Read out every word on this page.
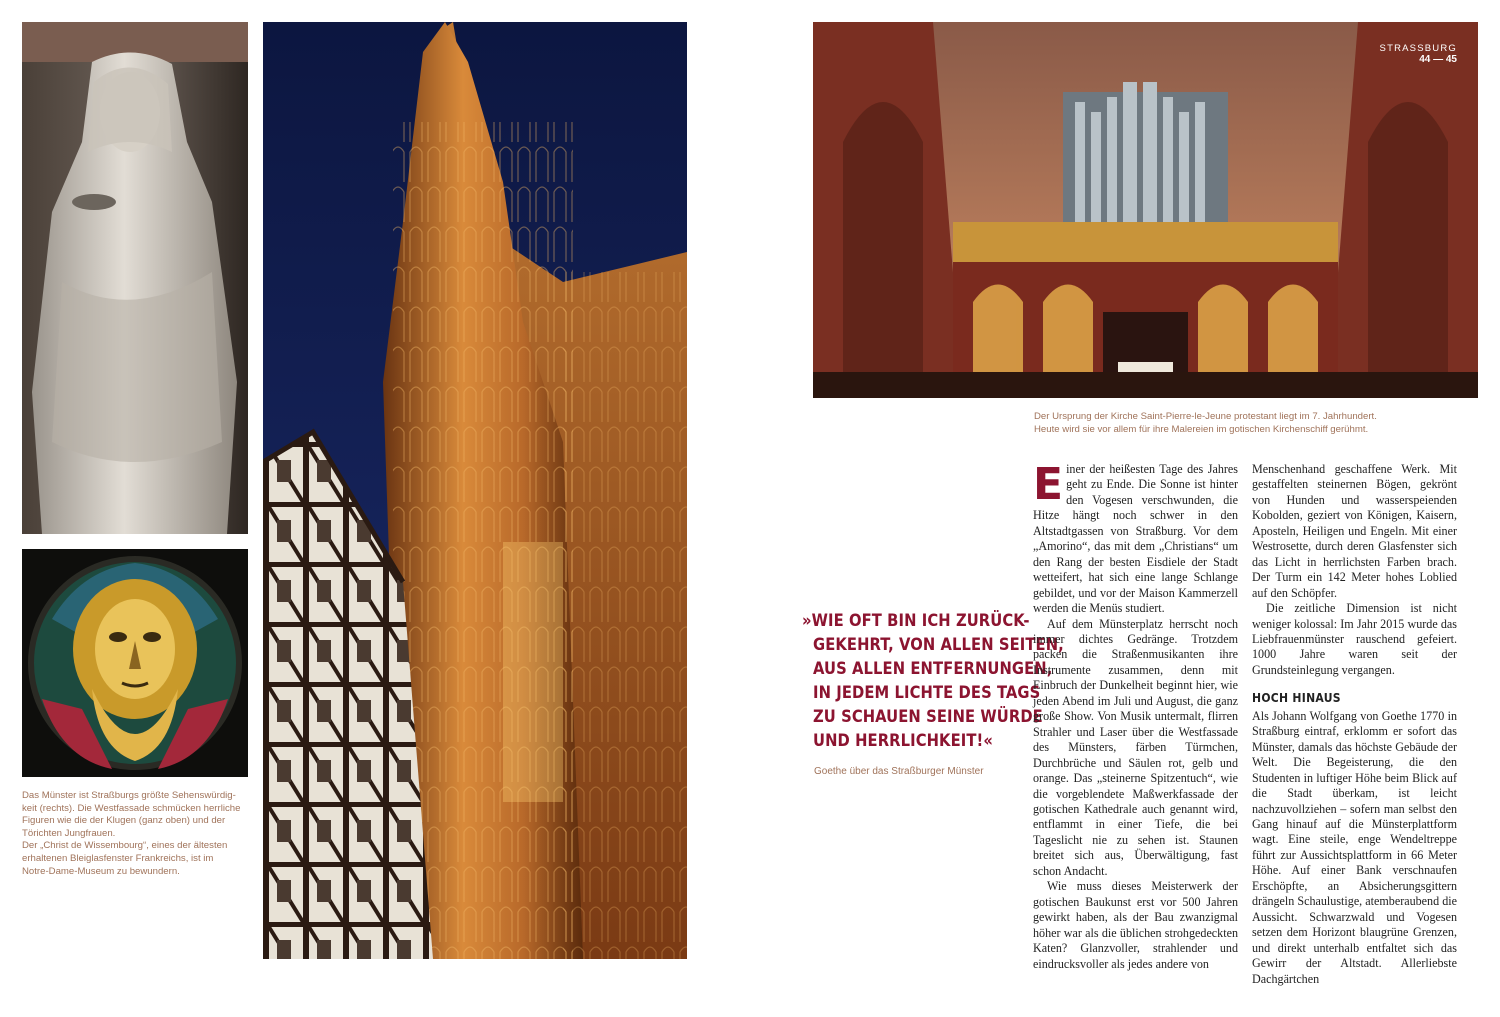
Das Münster ist Straßburgs größte Sehenswürdig-
keit (rechts). Die Westfassade schmücken herrliche
Figuren wie die der Klugen (ganz oben) und der
Törichten Jungfrauen.
Der „Christ de Wissembourg“, eines der ältesten
erhaltenen Bleiglasfenster Frankreichs, ist im
Notre-Dame-Museum zu bewundern.
STRASSBURG
44 — 45
Der Ursprung der Kirche Saint-Pierre-le-Jeune protestant liegt im 7. Jahrhundert.
Heute wird sie vor allem für ihre Malereien im gotischen Kirchenschiff gerühmt.
»WIE OFT BIN ICH ZURÜCK-
GEKEHRT, VON ALLEN SEITEN,
AUS ALLEN ENTFERNUNGEN,
IN JEDEM LICHTE DES TAGS
ZU SCHAUEN SEINE WÜRDE
UND HERRLICHKEIT!«
Goethe über das Straßburger Münster

Einer der heißesten Tage des Jahres geht zu Ende. Die Sonne ist hinter den Vogesen verschwunden, die Hitze hängt noch schwer in den Altstadtgassen von Straßburg. Vor dem „Amorino“, das mit dem „Christians“ um den Rang der besten Eisdiele der Stadt wetteifert, hat sich eine lange Schlange gebildet, und vor der Maison Kammerzell werden die Menüs studiert.

Auf dem Münsterplatz herrscht noch immer dichtes Gedränge. Trotzdem packen die Straßenmusikanten ihre Instrumente zusammen, denn mit Einbruch der Dunkelheit beginnt hier, wie jeden Abend im Juli und August, die ganz große Show. Von Musik untermalt, flirren Strahler und Laser über die Westfassade des Münsters, färben Türmchen, Durchbrüche und Säulen rot, gelb und orange. Das „steinerne Spitzentuch“, wie die vorgeblendete Maßwerkfassade der gotischen Kathedrale auch genannt wird, entflammt in einer Tiefe, die bei Tageslicht nie zu sehen ist. Staunen breitet sich aus, Überwältigung, fast schon Andacht.

Wie muss dieses Meisterwerk der gotischen Baukunst erst vor 500 Jahren gewirkt haben, als der Bau zwanzigmal höher war als die üblichen strohgedeckten Katen? Glanzvoller, strahlender und eindrucksvoller als jedes andere von

Menschenhand geschaffene Werk. Mit gestaffelten steinernen Bögen, gekrönt von Hunden und wasserspeienden Kobolden, geziert von Königen, Kaisern, Aposteln, Heiligen und Engeln. Mit einer Westrosette, durch deren Glasfenster sich das Licht in herrlichsten Farben brach. Der Turm ein 142 Meter hohes Loblied auf den Schöpfer.

Die zeitliche Dimension ist nicht weniger kolossal: Im Jahr 2015 wurde das Liebfrauenmünster rauschend gefeiert. 1000 Jahre waren seit der Grundsteinlegung vergangen.

HOCH HINAUS

Als Johann Wolfgang von Goethe 1770 in Straßburg eintraf, erklomm er sofort das Münster, damals das höchste Gebäude der Welt. Die Begeisterung, die den Studenten in luftiger Höhe beim Blick auf die Stadt überkam, ist leicht nachzuvollziehen – sofern man selbst den Gang hinauf auf die Münsterplattform wagt. Eine steile, enge Wendeltreppe führt zur Aussichtsplattform in 66 Meter Höhe. Auf einer Bank verschnaufen Erschöpfte, an Absicherungsgittern drängeln Schaulustige, atemberaubend die Aussicht. Schwarzwald und Vogesen setzen dem Horizont blaugrüne Grenzen, und direkt unterhalb entfaltet sich das Gewirr der Altstadt. Allerliebste Dachgärtchen
